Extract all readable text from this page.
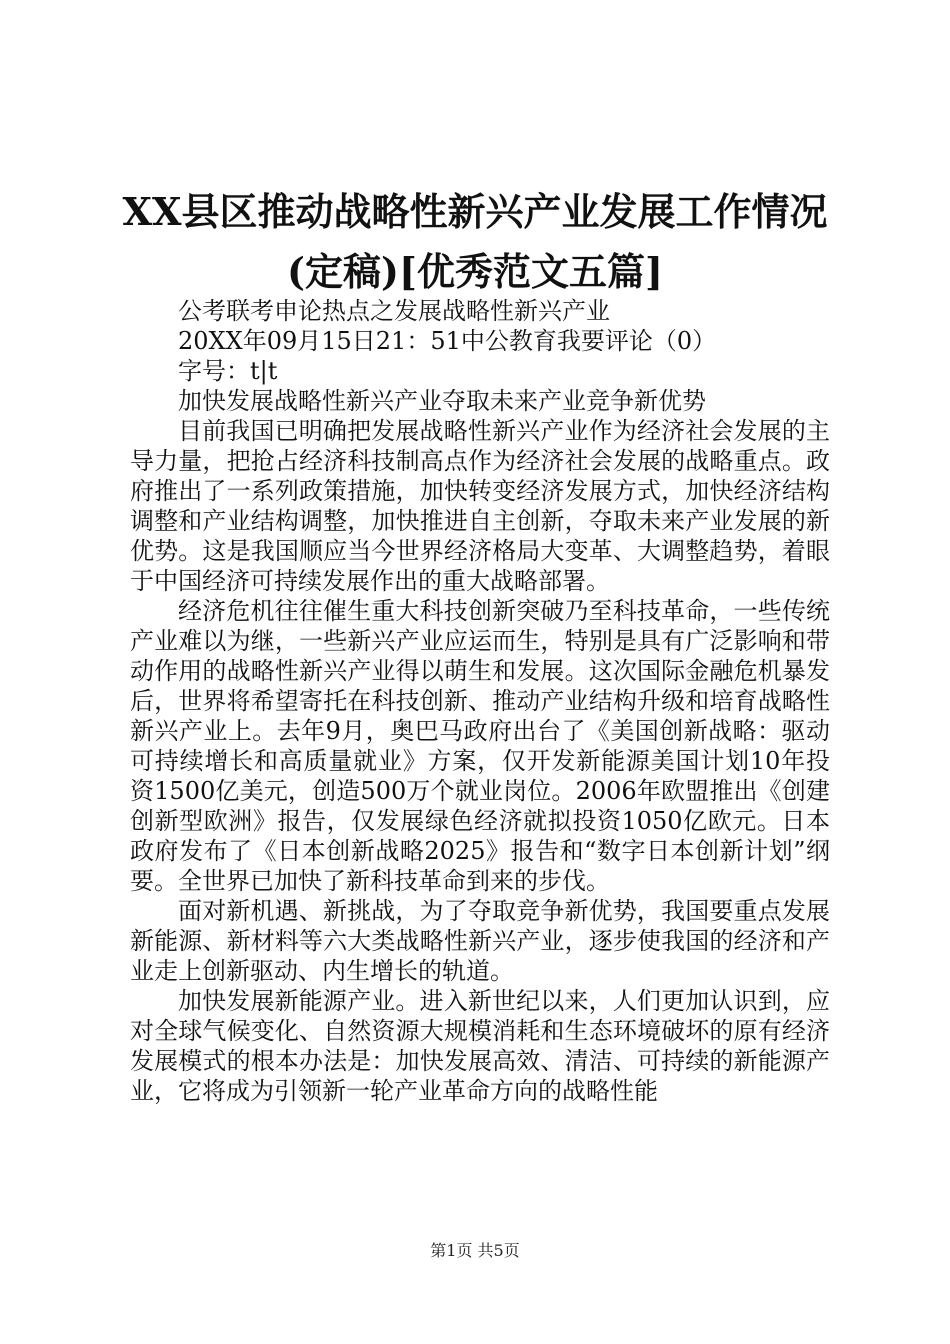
XX县区推动战略性新兴产业发展工作情况(定稿)[优秀范文五篇]

公考联考申论热点之发展战略性新兴产业

20XX年09月15日21：51中公教育我要评论（0）

字号：t|t

加快发展战略性新兴产业夺取未来产业竞争新优势

目前我国已明确把发展战略性新兴产业作为经济社会发展的主导力量，把抢占经济科技制高点作为经济社会发展的战略重点。政府推出了一系列政策措施，加快转变经济发展方式，加快经济结构调整和产业结构调整，加快推进自主创新，夺取未来产业发展的新优势。这是我国顺应当今世界经济格局大变革、大调整趋势，着眼于中国经济可持续发展作出的重大战略部署。

经济危机往往催生重大科技创新突破乃至科技革命，一些传统产业难以为继，一些新兴产业应运而生，特别是具有广泛影响和带动作用的战略性新兴产业得以萌生和发展。这次国际金融危机暴发后，世界将希望寄托在科技创新、推动产业结构升级和培育战略性新兴产业上。去年9月，奥巴马政府出台了《美国创新战略：驱动可持续增长和高质量就业》方案，仅开发新能源美国计划10年投资1500亿美元，创造500万个就业岗位。2006年欧盟推出《创建创新型欧洲》报告，仅发展绿色经济就拟投资1050亿欧元。日本政府发布了《日本创新战略2025》报告和“数字日本创新计划”纲要。全世界已加快了新科技革命到来的步伐。

面对新机遇、新挑战，为了夺取竞争新优势，我国要重点发展新能源、新材料等六大类战略性新兴产业，逐步使我国的经济和产业走上创新驱动、内生增长的轨道。

加快发展新能源产业。进入新世纪以来，人们更加认识到，应对全球气候变化、自然资源大规模消耗和生态环境破坏的原有经济发展模式的根本办法是：加快发展高效、清洁、可持续的新能源产业，它将成为引领新一轮产业革命方向的战略性能

第1页 共5页
